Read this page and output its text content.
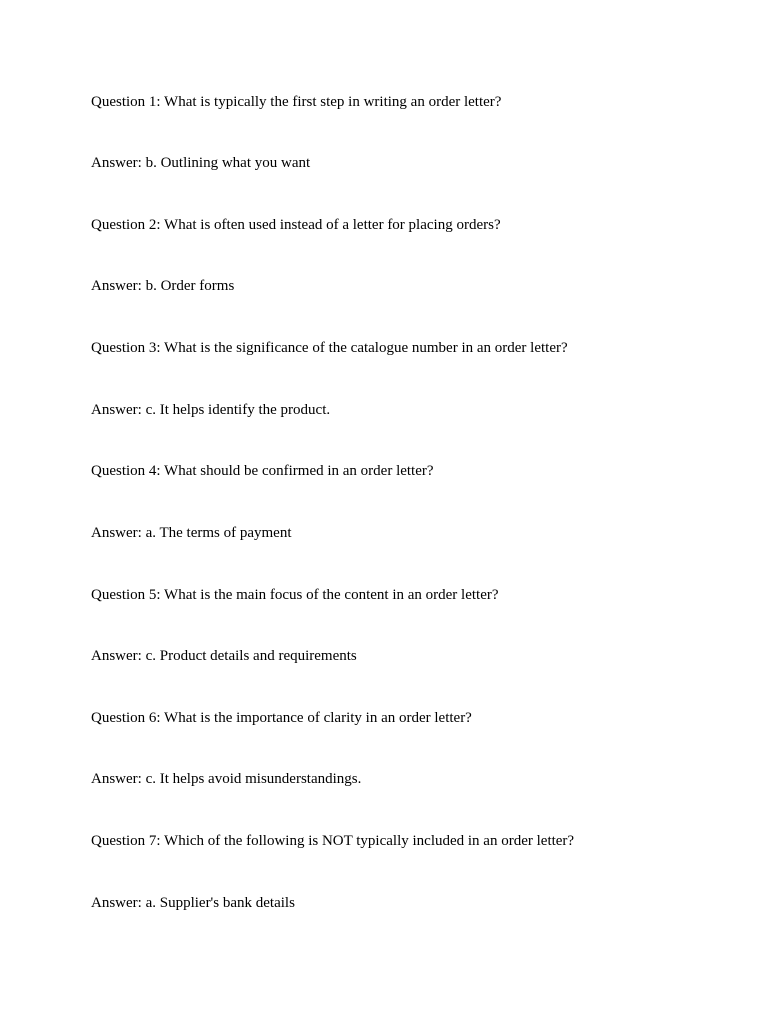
Question 1: What is typically the first step in writing an order letter?

Answer: b. Outlining what you want

Question 2: What is often used instead of a letter for placing orders?

Answer: b. Order forms

Question 3: What is the significance of the catalogue number in an order letter?

Answer: c. It helps identify the product.

Question 4: What should be confirmed in an order letter?

Answer: a. The terms of payment

Question 5: What is the main focus of the content in an order letter?

Answer: c. Product details and requirements

Question 6: What is the importance of clarity in an order letter?

Answer: c. It helps avoid misunderstandings.

Question 7: Which of the following is NOT typically included in an order letter?

Answer: a. Supplier's bank details
